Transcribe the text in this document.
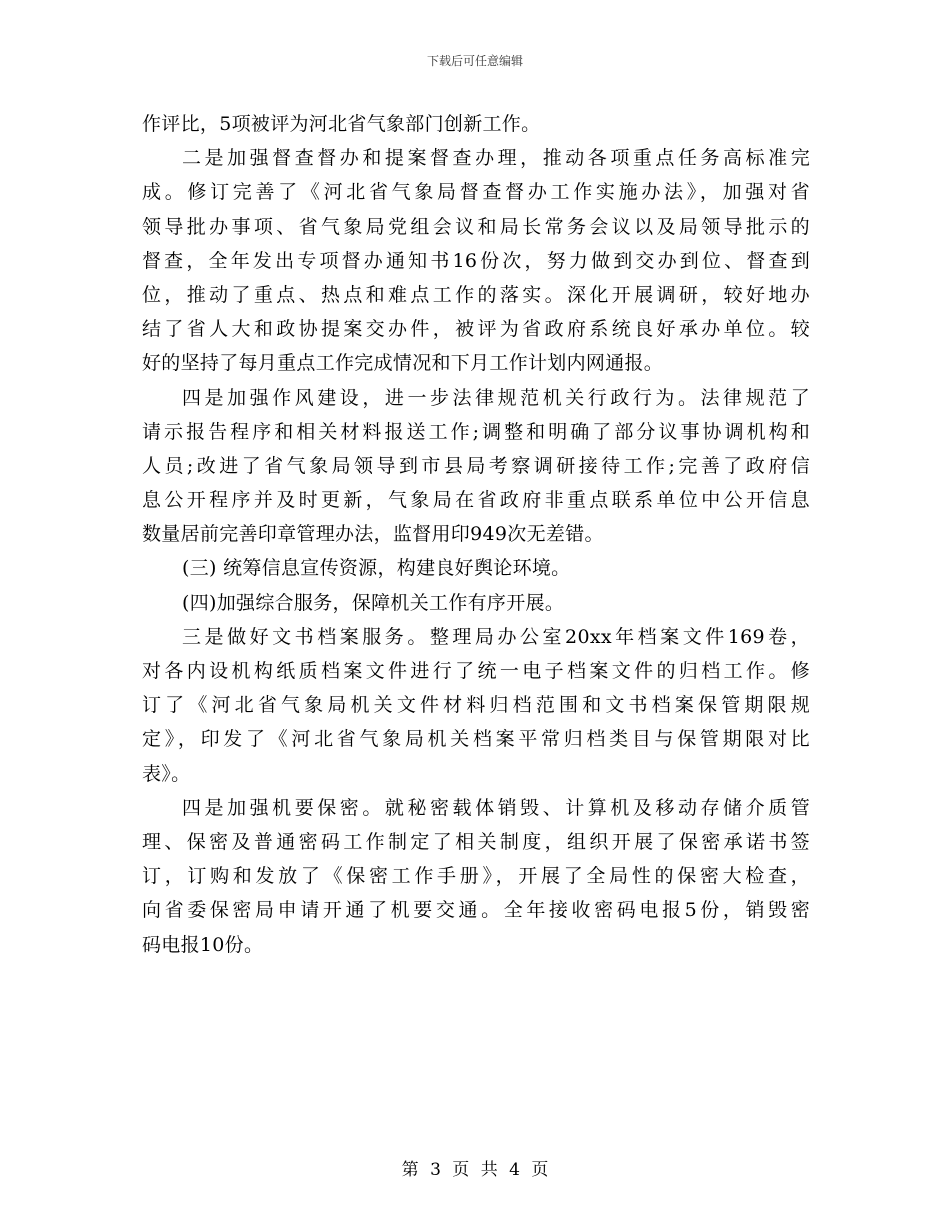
下载后可任意编辑
作评比，5项被评为河北省气象部门创新工作。
二是加强督查督办和提案督查办理，推动各项重点任务高标准完
成。修订完善了《河北省气象局督查督办工作实施办法》，加强对省
领导批办事项、省气象局党组会议和局长常务会议以及局领导批示的
督查，全年发出专项督办通知书16份次，努力做到交办到位、督查到
位，推动了重点、热点和难点工作的落实。深化开展调研，较好地办
结了省人大和政协提案交办件，被评为省政府系统良好承办单位。较
好的坚持了每月重点工作完成情况和下月工作计划内网通报。
四是加强作风建设，进一步法律规范机关行政行为。法律规范了
请示报告程序和相关材料报送工作;调整和明确了部分议事协调机构和
人员;改进了省气象局领导到市县局考察调研接待工作;完善了政府信
息公开程序并及时更新，气象局在省政府非重点联系单位中公开信息
数量居前完善印章管理办法，监督用印949次无差错。
(三) 统筹信息宣传资源，构建良好舆论环境。
(四)加强综合服务，保障机关工作有序开展。
三是做好文书档案服务。整理局办公室20xx年档案文件169卷，
对各内设机构纸质档案文件进行了统一电子档案文件的归档工作。修
订了《河北省气象局机关文件材料归档范围和文书档案保管期限规
定》，印发了《河北省气象局机关档案平常归档类目与保管期限对比
表》。
四是加强机要保密。就秘密载体销毁、计算机及移动存储介质管
理、保密及普通密码工作制定了相关制度，组织开展了保密承诺书签
订，订购和发放了《保密工作手册》，开展了全局性的保密大检查，
向省委保密局申请开通了机要交通。全年接收密码电报5份，销毁密
码电报10份。
第 3 页 共 4 页
